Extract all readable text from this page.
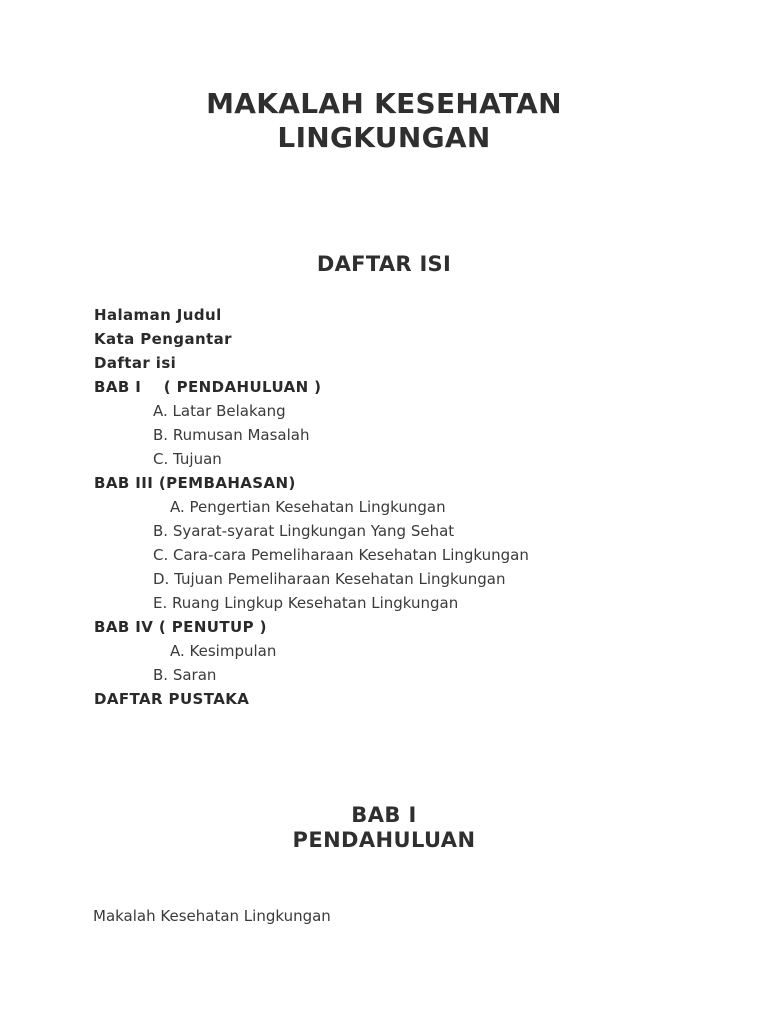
MAKALAH KESEHATAN
LINGKUNGAN
DAFTAR ISI
Halaman Judul
Kata Pengantar
Daftar isi
BAB I    ( PENDAHULUAN )
A. Latar Belakang
B. Rumusan Masalah
C. Tujuan
BAB III (PEMBAHASAN)
A. Pengertian Kesehatan Lingkungan
B. Syarat-syarat Lingkungan Yang Sehat
C. Cara-cara Pemeliharaan Kesehatan Lingkungan
D. Tujuan Pemeliharaan Kesehatan Lingkungan
E. Ruang Lingkup Kesehatan Lingkungan
BAB IV ( PENUTUP )
A. Kesimpulan
B. Saran
DAFTAR PUSTAKA
BAB I
PENDAHULUAN
Makalah Kesehatan Lingkungan
